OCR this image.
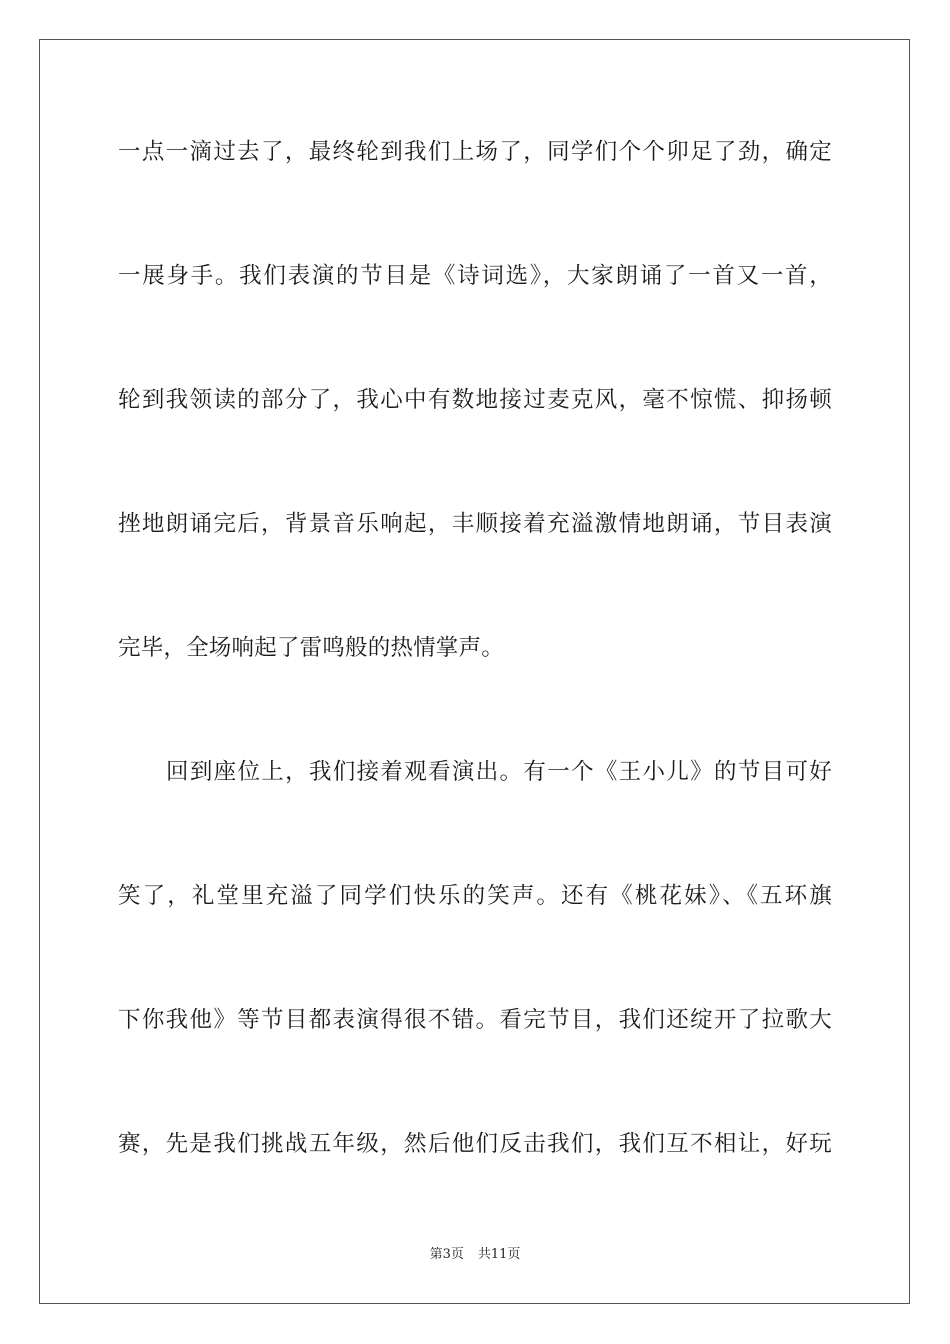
一点一滴过去了，最终轮到我们上场了，同学们个个卯足了劲，确定
一展身手。我们表演的节目是《诗词选》，大家朗诵了一首又一首，
轮到我领读的部分了，我心中有数地接过麦克风，毫不惊慌、抑扬顿
挫地朗诵完后，背景音乐响起，丰顺接着充溢激情地朗诵，节目表演
完毕，全场响起了雷鸣般的热情掌声。
回到座位上，我们接着观看演出。有一个《王小儿》的节目可好
笑了，礼堂里充溢了同学们快乐的笑声。还有《桃花妹》、《五环旗
下你我他》等节目都表演得很不错。看完节目，我们还绽开了拉歌大
赛，先是我们挑战五年级，然后他们反击我们，我们互不相让，好玩
第3页 共11页
